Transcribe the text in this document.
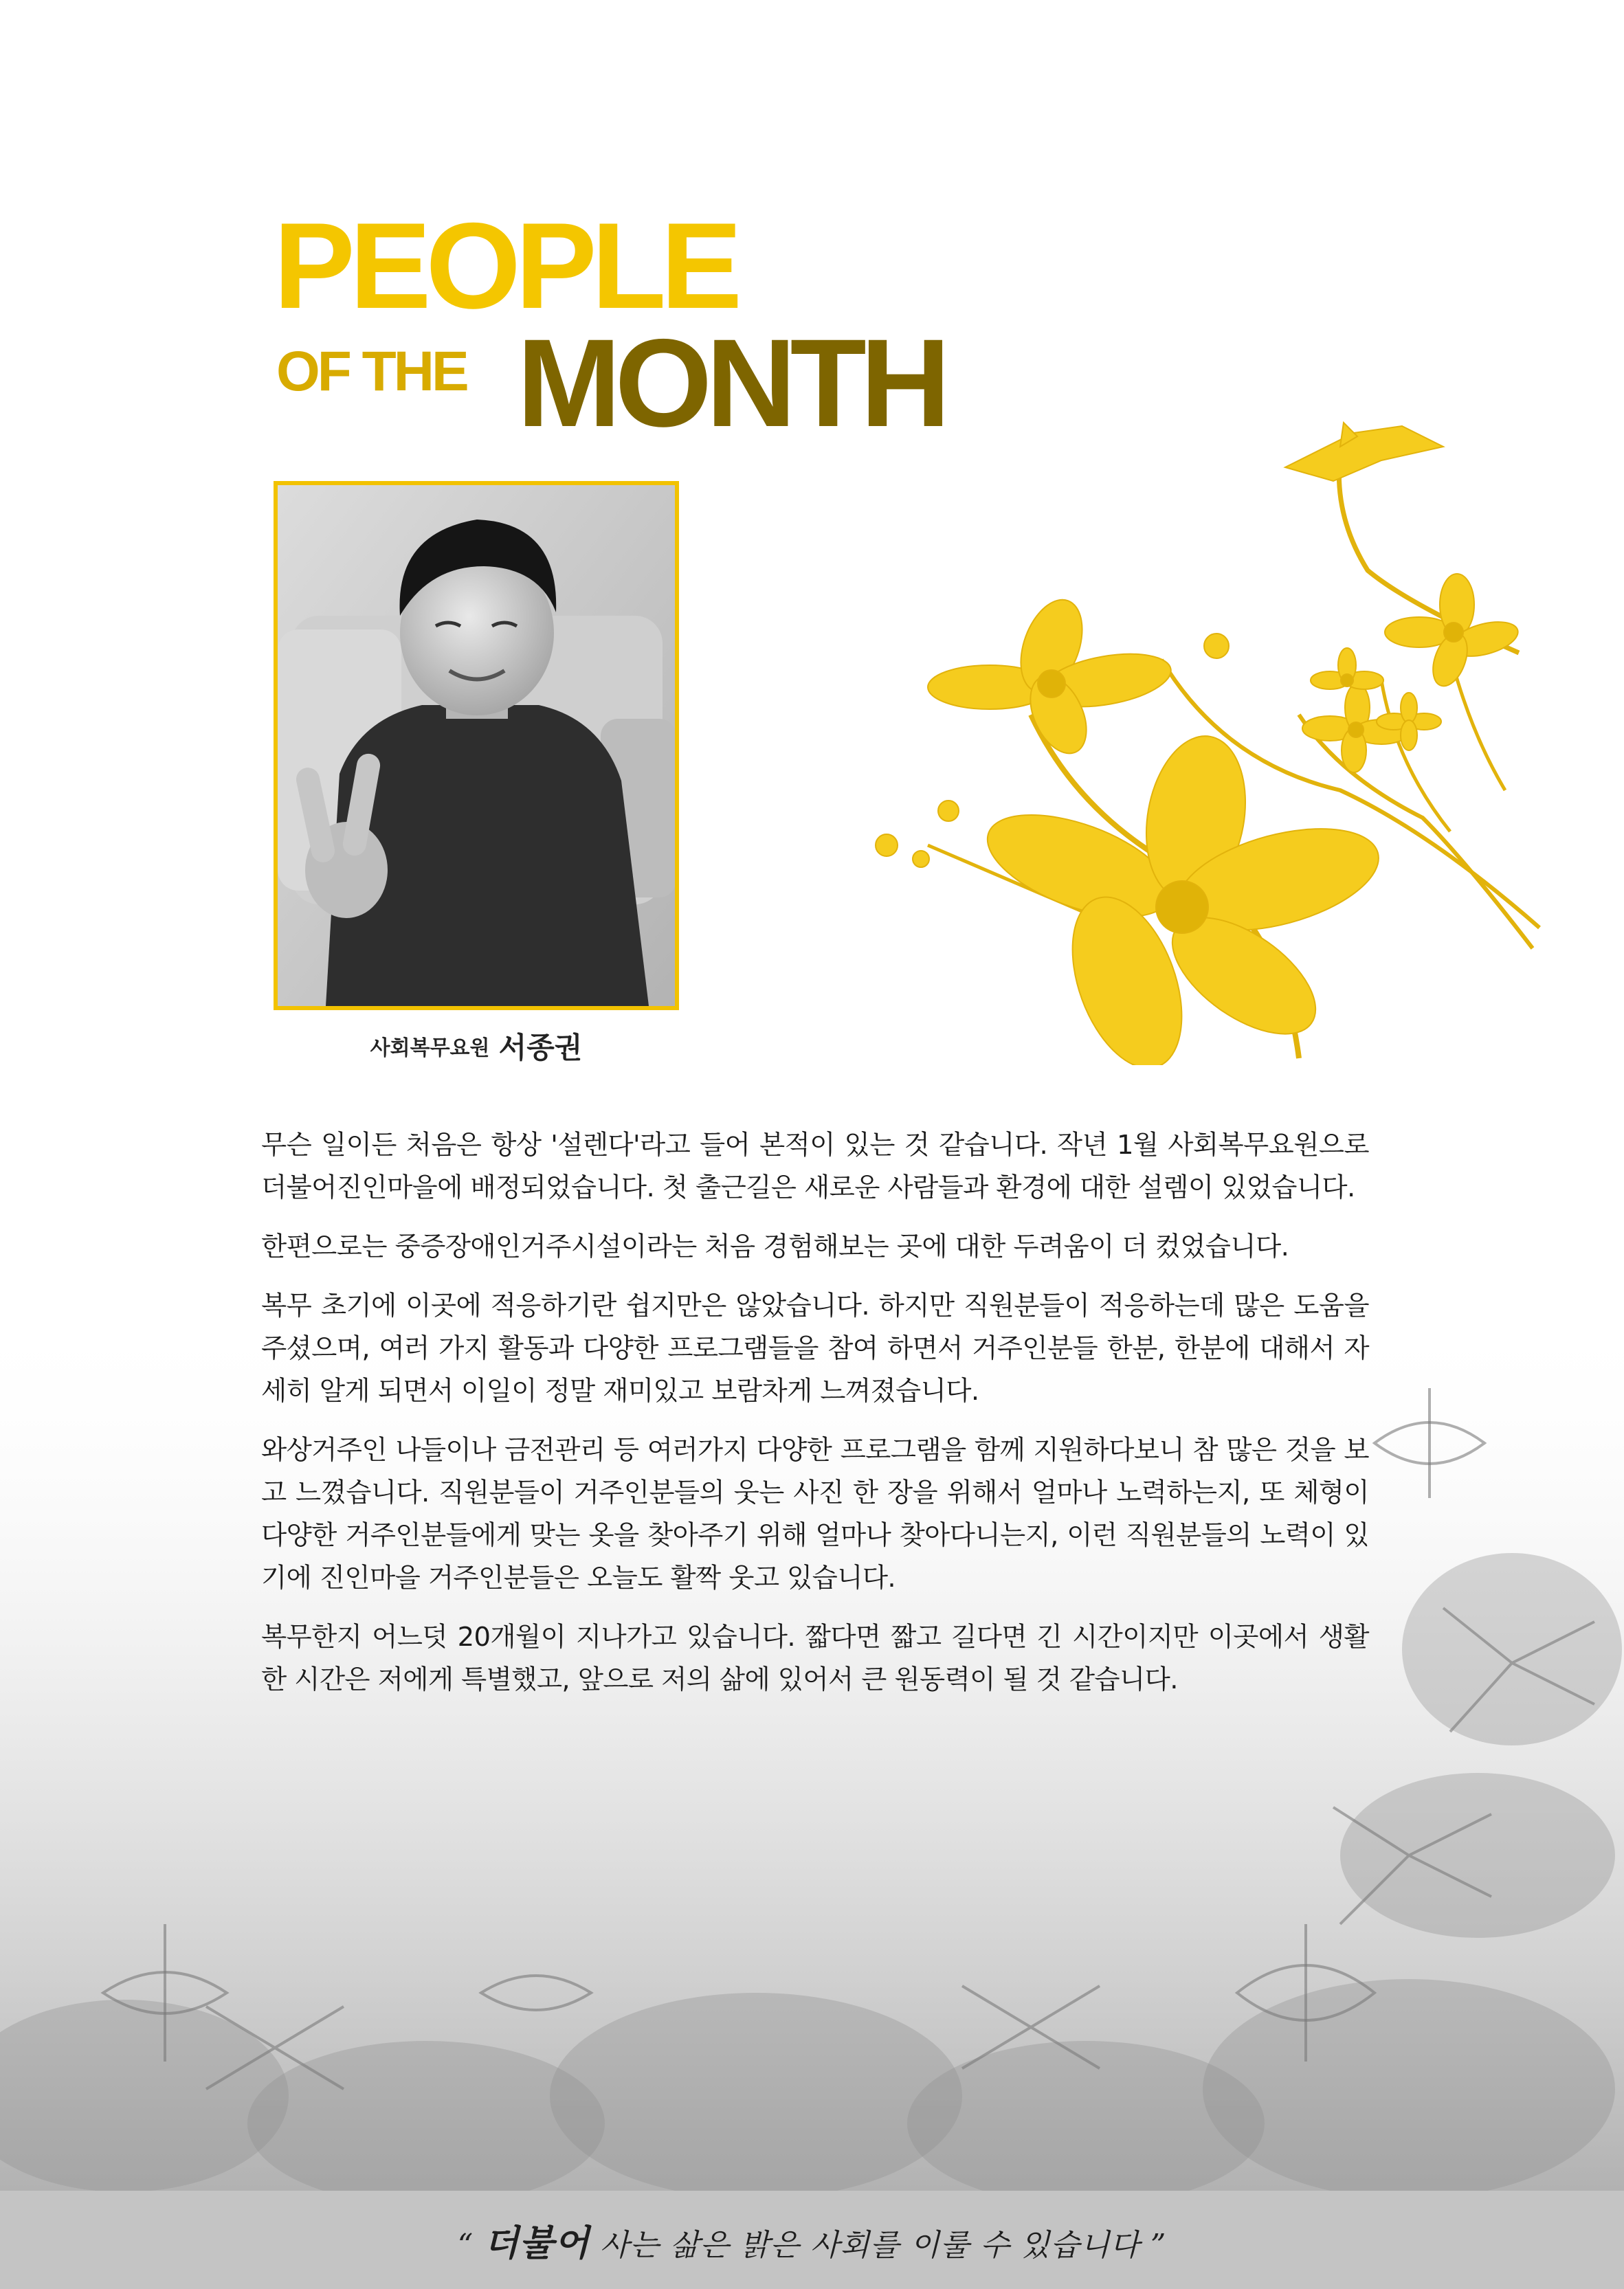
PEOPLE
OF THE MONTH
사회복무요원 서종권

무슨 일이든 처음은 항상 '설렌다'라고 들어 본적이 있는 것 같습니다. 작년 1월 사회복무요원으로 더불어진인마을에 배정되었습니다. 첫 출근길은 새로운 사람들과 환경에 대한 설렘이 있었습니다.

한편으로는 중증장애인거주시설이라는 처음 경험해보는 곳에 대한 두려움이 더 컸었습니다.

복무 초기에 이곳에 적응하기란 쉽지만은 않았습니다. 하지만 직원분들이 적응하는데 많은 도움을 주셨으며, 여러 가지 활동과 다양한 프로그램들을 참여 하면서 거주인분들 한분, 한분에 대해서 자세히 알게 되면서 이일이 정말 재미있고 보람차게 느껴졌습니다.

와상거주인 나들이나 금전관리 등 여러가지 다양한 프로그램을 함께 지원하다보니 참 많은 것을 보고 느꼈습니다. 직원분들이 거주인분들의 웃는 사진 한 장을 위해서 얼마나 노력하는지, 또 체형이 다양한 거주인분들에게 맞는 옷을 찾아주기 위해 얼마나 찾아다니는지, 이런 직원분들의 노력이 있기에 진인마을 거주인분들은 오늘도 활짝 웃고 있습니다.

복무한지 어느덧 20개월이 지나가고 있습니다. 짧다면 짧고 길다면 긴 시간이지만 이곳에서 생활한 시간은 저에게 특별했고, 앞으로 저의 삶에 있어서 큰 원동력이 될 것 같습니다.

“ 더불어 사는 삶은 밝은 사회를 이룰 수 있습니다 ”
